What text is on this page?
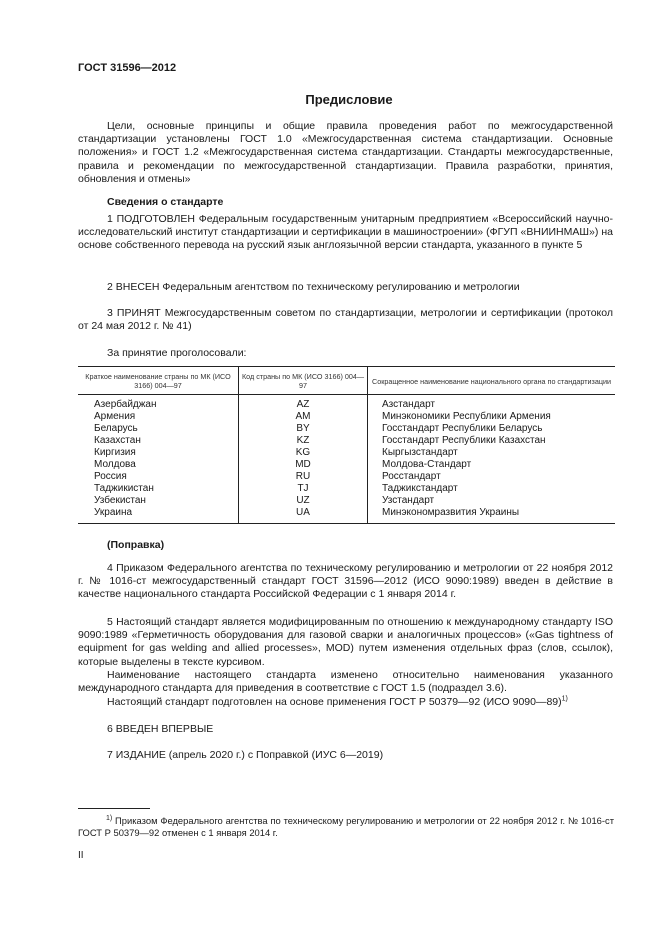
ГОСТ 31596—2012
Предисловие

Цели, основные принципы и общие правила проведения работ по межгосударственной стандартизации установлены ГОСТ 1.0 «Межгосударственная система стандартизации. Основные положения» и ГОСТ 1.2 «Межгосударственная система стандартизации. Стандарты межгосударственные, правила и рекомендации по межгосударственной стандартизации. Правила разработки, принятия, обновления и отмены»

Сведения о стандарте

1 ПОДГОТОВЛЕН Федеральным государственным унитарным предприятием «Всероссийский научно-исследовательский институт стандартизации и сертификации в машиностроении» (ФГУП «ВНИИНМАШ») на основе собственного перевода на русский язык англоязычной версии стандарта, указанного в пункте 5

2 ВНЕСЕН Федеральным агентством по техническому регулированию и метрологии

3 ПРИНЯТ Межгосударственным советом по стандартизации, метрологии и сертификации (протокол от 24 мая 2012 г. № 41)

За принятие проголосовали:

Краткое наименование страны по МК (ИСО 3166) 004—97	Код страны по МК (ИСО 3166) 004—97	Сокращенное наименование национального органа по стандартизации
Азербайджан	AZ	Азстандарт
Армения	AM	Минэкономики Республики Армения
Беларусь	BY	Госстандарт Республики Беларусь
Казахстан	KZ	Госстандарт Республики Казахстан
Киргизия	KG	Кыргызстандарт
Молдова	MD	Молдова-Стандарт
Россия	RU	Росстандарт
Таджикистан	TJ	Таджикстандарт
Узбекистан	UZ	Узстандарт
Украина	UA	Минэкономразвития Украины
(Поправка)

4 Приказом Федерального агентства по техническому регулированию и метрологии от 22 ноября 2012 г. № 1016-ст межгосударственный стандарт ГОСТ 31596—2012 (ИСО 9090:1989) введен в действие в качестве национального стандарта Российской Федерации с 1 января 2014 г.

5 Настоящий стандарт является модифицированным по отношению к международному стандарту ISO 9090:1989 «Герметичность оборудования для газовой сварки и аналогичных процессов» («Gas tightness of equipment for gas welding and allied processes», MOD) путем изменения отдельных фраз (слов, ссылок), которые выделены в тексте курсивом.

Наименование настоящего стандарта изменено относительно наименования указанного международного стандарта для приведения в соответствие с ГОСТ 1.5 (подраздел 3.6).

Настоящий стандарт подготовлен на основе применения ГОСТ Р 50379—92 (ИСО 9090—89)$^{1)}$

6 ВВЕДЕН ВПЕРВЫЕ

7 ИЗДАНИЕ (апрель 2020 г.) с Поправкой (ИУС 6—2019)

$^{1)}$ Приказом Федерального агентства по техническому регулированию и метрологии от 22 ноября 2012 г. № 1016-ст ГОСТ Р 50379—92 отменен с 1 января 2014 г.

II
